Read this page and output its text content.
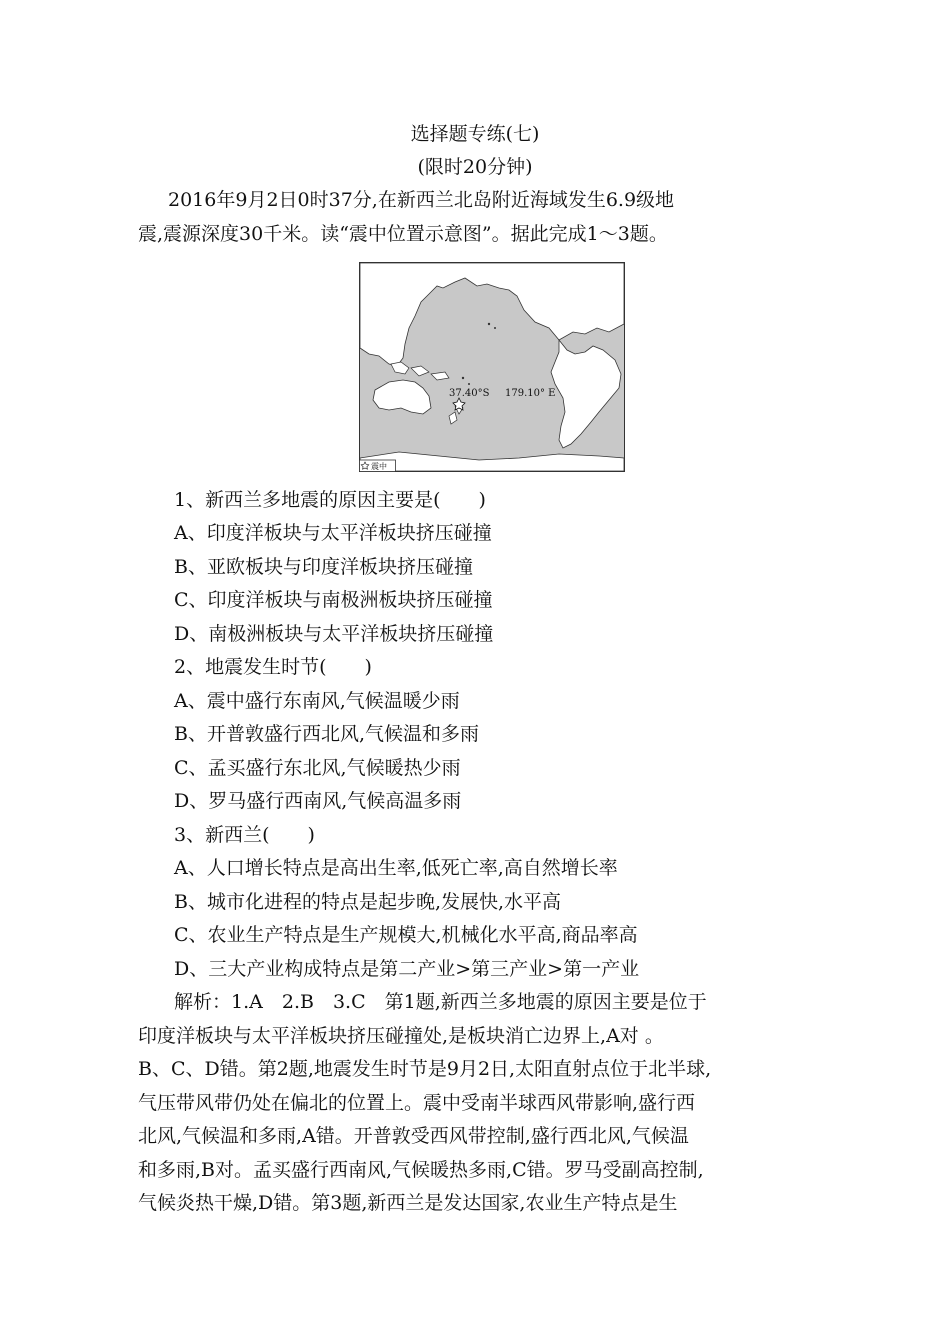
选择题专练(七)
(限时20分钟)
2016年9月2日0时37分,在新西兰北岛附近海域发生6.9级地
震,震源深度30千米。读“震中位置示意图”。据此完成1～3题。
37.40°S 179.10° E
震中
1、新西兰多地震的原因主要是(　　)
A、印度洋板块与太平洋板块挤压碰撞
B、亚欧板块与印度洋板块挤压碰撞
C、印度洋板块与南极洲板块挤压碰撞
D、南极洲板块与太平洋板块挤压碰撞
2、地震发生时节(　　)
A、震中盛行东南风,气候温暖少雨
B、开普敦盛行西北风,气候温和多雨
C、孟买盛行东北风,气候暖热少雨
D、罗马盛行西南风,气候高温多雨
3、新西兰(　　)
A、人口增长特点是高出生率,低死亡率,高自然增长率
B、城市化进程的特点是起步晚,发展快,水平高
C、农业生产特点是生产规模大,机械化水平高,商品率高
D、三大产业构成特点是第二产业>第三产业>第一产业
解析：1.A　2.B　3.C　第1题,新西兰多地震的原因主要是位于
印度洋板块与太平洋板块挤压碰撞处,是板块消亡边界上,A对 。
B、C、D错。第2题,地震发生时节是9月2日,太阳直射点位于北半球,
气压带风带仍处在偏北的位置上。震中受南半球西风带影响,盛行西
北风,气候温和多雨,A错。开普敦受西风带控制,盛行西北风,气候温
和多雨,B对。孟买盛行西南风,气候暖热多雨,C错。罗马受副高控制,
气候炎热干燥,D错。第3题,新西兰是发达国家,农业生产特点是生
